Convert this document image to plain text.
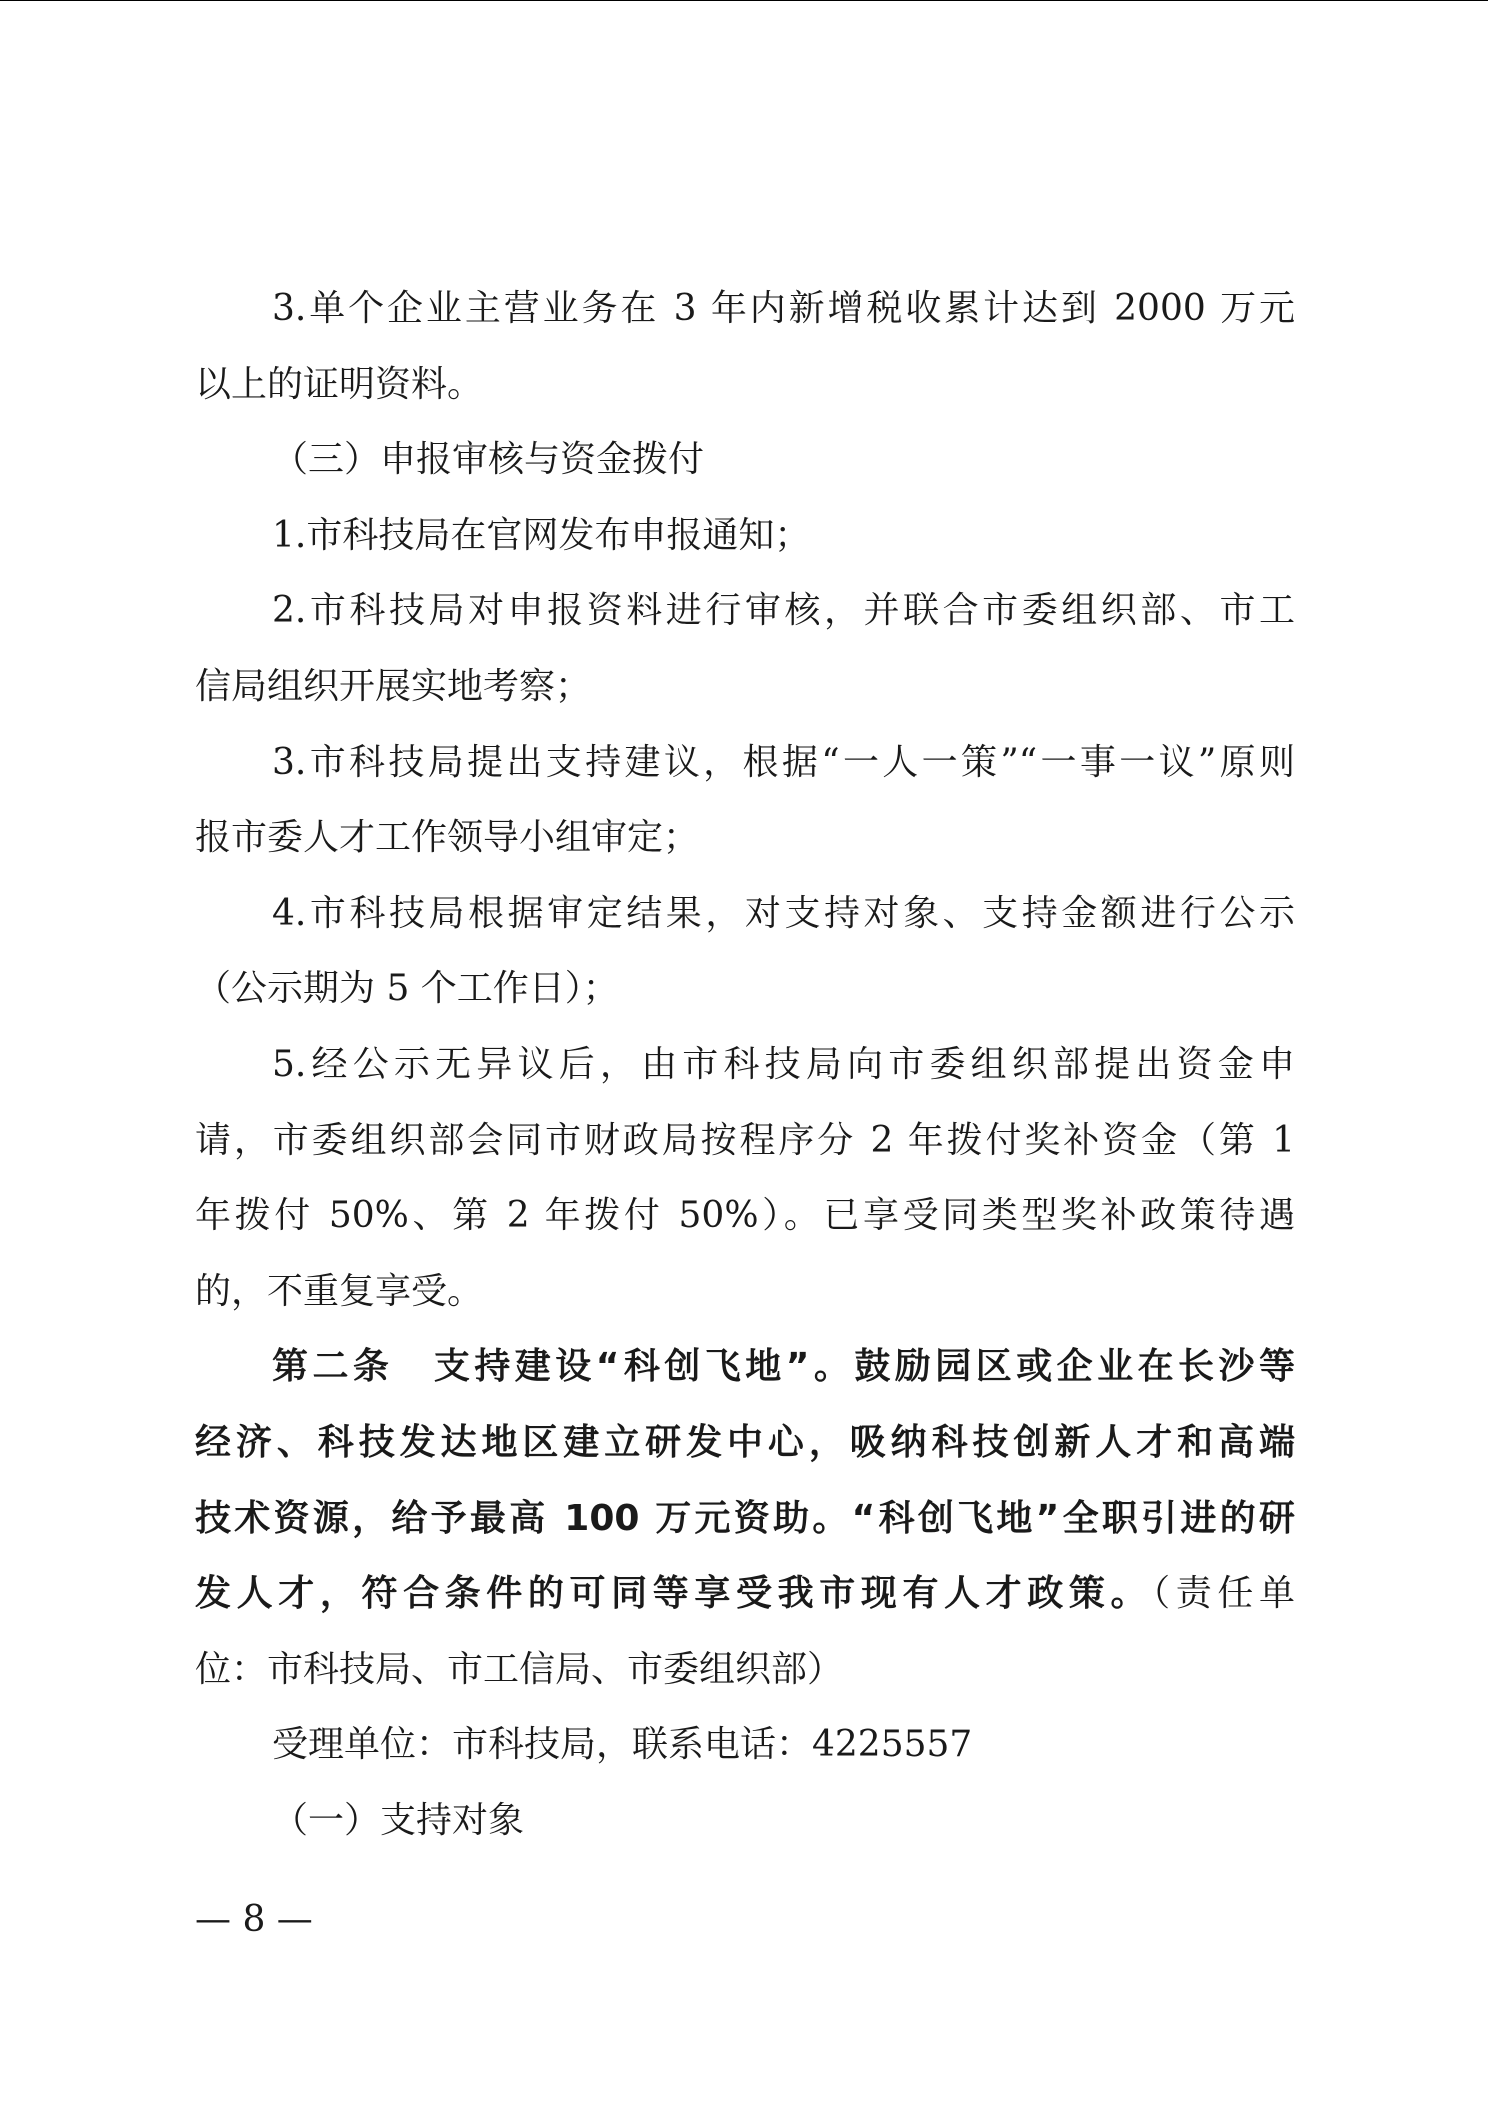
3.单个企业主营业务在 3 年内新增税收累计达到 2000 万元
以上的证明资料。
（三）申报审核与资金拨付
1.市科技局在官网发布申报通知；
2.市科技局对申报资料进行审核，并联合市委组织部、市工
信局组织开展实地考察；
3.市科技局提出支持建议，根据“一人一策”“一事一议”原则
报市委人才工作领导小组审定；
4.市科技局根据审定结果，对支持对象、支持金额进行公示
（公示期为 5 个工作日）；
5.经公示无异议后，由市科技局向市委组织部提出资金申
请，市委组织部会同市财政局按程序分 2 年拨付奖补资金（第 1
年拨付 50%、第 2 年拨付 50%）。已享受同类型奖补政策待遇
的，不重复享受。
第二条　支持建设“科创飞地”。鼓励园区或企业在长沙等
经济、科技发达地区建立研发中心，吸纳科技创新人才和高端
技术资源，给予最高 100 万元资助。“科创飞地”全职引进的研
发人才，符合条件的可同等享受我市现有人才政策。（责任单
位：市科技局、市工信局、市委组织部）
受理单位：市科技局，联系电话：4225557
（一）支持对象
— 8 —
